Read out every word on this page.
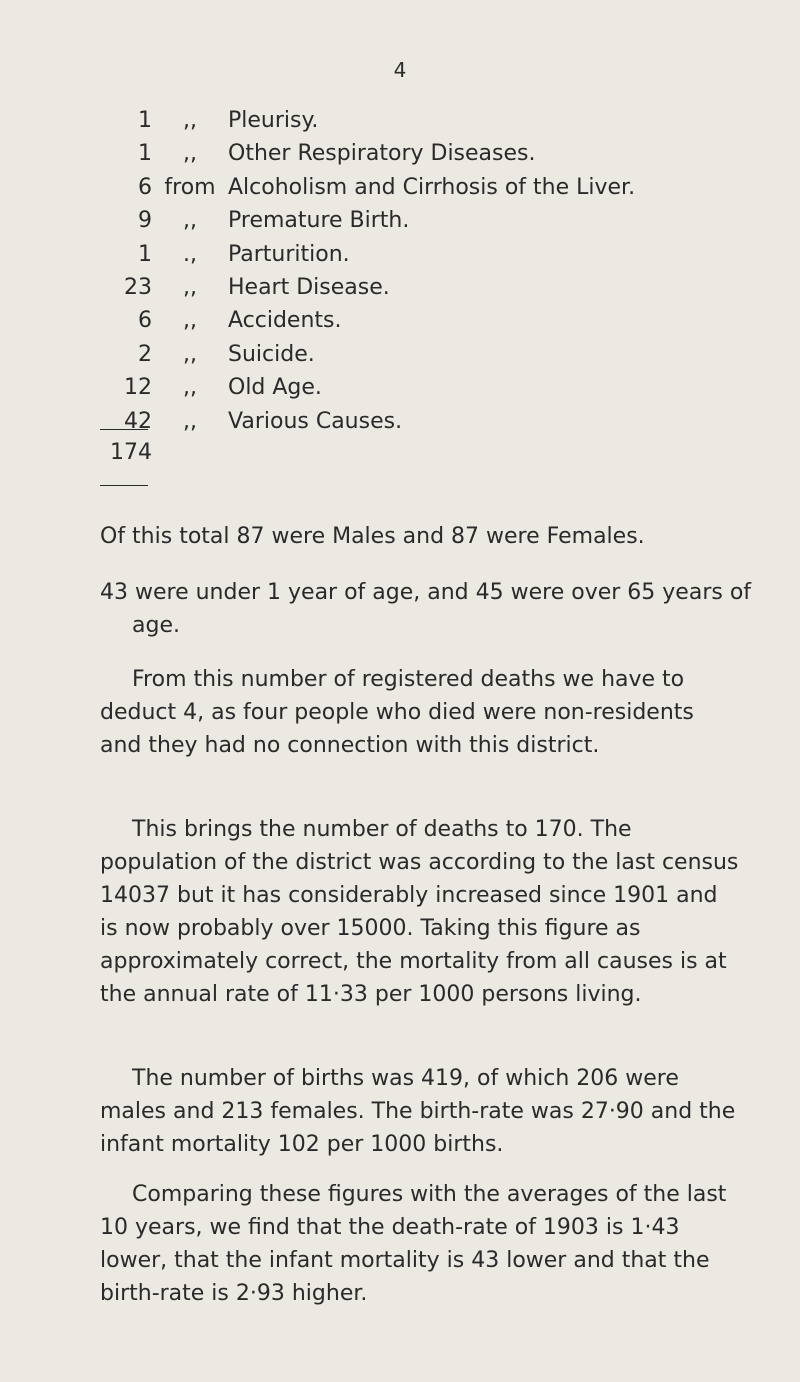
4
1	,,	Pleurisy.
1	,,	Other Respiratory Diseases.
6 from Alcoholism and Cirrhosis of the Liver.
9	,,	Premature Birth.
1	.,	Parturition.
23	,,	Heart Disease.
6	,,	Accidents.
2	,,	Suicide.
12	,,	Old Age.
42	,,	Various Causes.
174
Of this total 87 were Males and 87 were Females.
43 were under 1 year of age, and 45 were over 65 years of age.
From this number of registered deaths we have to deduct 4, as four people who died were non-residents and they had no connection with this district.
This brings the number of deaths to 170. The population of the district was according to the last census 14037 but it has considerably increased since 1901 and is now probably over 15000. Taking this figure as approximately correct, the mortality from all causes is at the annual rate of 11·33 per 1000 persons living.
The number of births was 419, of which 206 were males and 213 females. The birth-rate was 27·90 and the infant mortality 102 per 1000 births.
Comparing these figures with the averages of the last 10 years, we find that the death-rate of 1903 is 1·43 lower, that the infant mortality is 43 lower and that the birth-rate is 2·93 higher.
